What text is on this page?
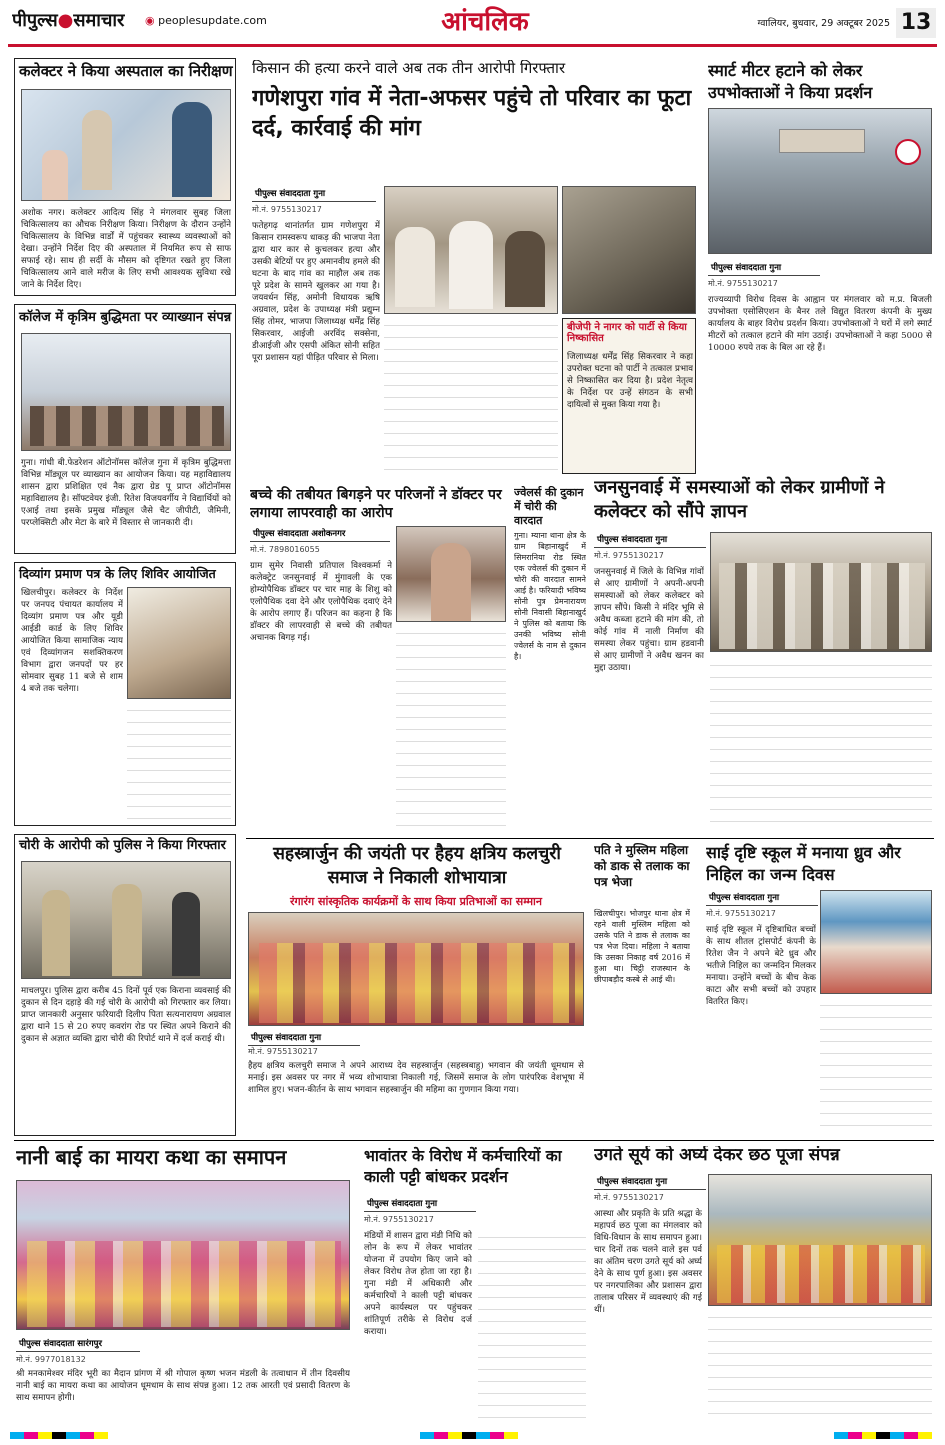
पीपुल्स●समाचार	◉ peoplesupdate.com	आंचलिक	ग्वालियर, बुधवार, 29 अक्टूबर 2025 13
कलेक्टर ने किया अस्पताल का निरीक्षण
अशोक नगर। कलेक्टर आदित्य सिंह ने मंगलवार सुबह जिला चिकित्सालय का औचक निरीक्षण किया। निरीक्षण के दौरान उन्होंने चिकित्सालय के विभिन्न वार्डों में पहुंचकर स्वास्थ्य व्यवस्थाओं को देखा। उन्होंने निर्देश दिए की अस्पताल में नियमित रूप से साफ सफाई रहे। साथ ही सर्दी के मौसम को दृष्टिगत रखते हुए जिला चिकित्सालय आने वाले मरीज के लिए सभी आवश्यक सुविधा रखे जाने के निर्देश दिए।
कॉलेज में कृत्रिम बुद्धिमता पर व्याख्यान संपन्न
गुना। गांधी बी.फेडरेशन ऑटोनॉमस कॉलेज गुना में कृत्रिम बुद्धिमत्ता विभिन्न मॉड्यूल पर व्याख्यान का आयोजन किया। यह महाविद्यालय शासन द्वारा प्रशिक्षित एवं नैक द्वारा ग्रेड पू प्राप्त ऑटोनॉमस महाविद्यालय है। सॉफ्टवेयर इंजी. रितेश विजयवर्गीय ने विद्यार्थियों को एआई तथा इसके प्रमुख मॉड्यूल जैसे चैट जीपीटी, जैमिनी, परप्लेक्सिटी और मेटा के बारे में विस्तार से जानकारी दी।
दिव्यांग प्रमाण पत्र के लिए शिविर आयोजित
खिलचीपुर। कलेक्टर के निर्देश पर जनपद पंचायत कार्यालय में दिव्यांग प्रमाण पत्र और यूडी आईडी कार्ड के लिए शिविर आयोजित किया सामाजिक न्याय एवं दिव्यांगजन सशक्तिकरण विभाग द्वारा जनपदों पर हर सोमवार सुबह 11 बजे से शाम 4 बजे तक चलेगा।
चोरी के आरोपी को पुलिस ने किया गिरफ्तार
माचलपुर। पुलिस द्वारा करीब 45 दिनों पूर्व एक किराना व्यवसाई की दुकान से दिन दहाड़े की गई चोरी के आरोपी को गिरफ्तार कर लिया। प्राप्त जानकारी अनुसार फरियादी दिलीप पिता सत्यनारायण अग्रवाल द्वारा थाने 15 से 20 रुपए कवरांग रोड पर स्थित अपने किराने की दुकान से अज्ञात व्यक्ति द्वारा चोरी की रिपोर्ट थाने में दर्ज कराई थी।
किसान की हत्या करने वाले अब तक तीन आरोपी गिरफ्तार
गणेशपुरा गांव में नेता-अफसर पहुंचे तो परिवार का फूटा दर्द, कार्रवाई की मांग
पीपुल्स संवाददाता गुना
मो.नं. 9755130217
फतेहगढ़ थानांतर्गत ग्राम गणेशपुरा में किसान रामस्वरूप धाकड़ की भाजपा नेता द्वारा थार कार से कुचलकर हत्या और उसकी बेटियों पर हुए अमानवीय हमले की घटना के बाद गांव का माहौल अब तक पूरे प्रदेश के सामने खुलकर आ गया है। जयवर्धन सिंह, अमोनी विधायक ऋषि अग्रवाल, प्रदेश के उपाध्यक्ष मंत्री प्रद्युम्न सिंह तोमर, भाजपा जिलाध्यक्ष धर्मेंद्र सिंह सिकरवार, आईजी अरविंद सक्सेना, डीआईजी और एसपी अंकित सोनी सहित पूरा प्रशासन यहां पीड़ित परिवार से मिला।
बीजेपी ने नागर को पार्टी से किया निष्कासित
जिलाध्यक्ष धर्मेंद्र सिंह सिकरवार ने कहा उपरोक्त घटना को पार्टी ने तत्काल प्रभाव से निष्कासित कर दिया है। प्रदेश नेतृत्व के निर्देश पर उन्हें संगठन के सभी दायित्वों से मुक्त किया गया है।
स्मार्ट मीटर हटाने को लेकर उपभोक्ताओं ने किया प्रदर्शन
पीपुल्स संवाददाता गुना
मो.नं. 9755130217
राज्यव्यापी विरोध दिवस के आह्वान पर मंगलवार को म.प्र. बिजली उपभोक्ता एसोसिएशन के बैनर तले विद्युत वितरण कंपनी के मुख्य कार्यालय के बाहर विरोध प्रदर्शन किया। उपभोक्ताओं ने घरों में लगे स्मार्ट मीटरों को तत्काल हटाने की मांग उठाई। उपभोक्ताओं ने कहा 5000 से 10000 रुपये तक के बिल आ रहे हैं।
बच्चे की तबीयत बिगड़ने पर परिजनों ने डॉक्टर पर लगाया लापरवाही का आरोप
पीपुल्स संवाददाता अशोकनगर
मो.नं. 7898016055
ग्राम सुमेर निवासी प्रतिपाल विश्वकर्मा ने कलेक्ट्रेट जनसुनवाई में मुंगावली के एक होम्योपैथिक डॉक्टर पर चार माह के शिशु को एलोपैथिक दवा देने और एलोपैथिक दवाएं देने के आरोप लगाए हैं। परिजन का कहना है कि डॉक्टर की लापरवाही से बच्चे की तबीयत अचानक बिगड़ गई।
ज्वेलर्स की दुकान में चोरी की वारदात
गुना। म्याना थाना क्षेत्र के ग्राम बिहानाखुर्द में सिमरानिया रोड स्थित एक ज्वेलर्स की दुकान में चोरी की वारदात सामने आई है। फरियादी भविष्य सोनी पुत्र प्रेमनारायण सोनी निवासी बिहानाखुर्द ने पुलिस को बताया कि उनकी भविष्य सोनी ज्वेलर्स के नाम से दुकान है।
जनसुनवाई में समस्याओं को लेकर ग्रामीणों ने कलेक्टर को सौंपे ज्ञापन
पीपुल्स संवाददाता गुना
मो.नं. 9755130217
जनसुनवाई में जिले के विभिन्न गांवों से आए ग्रामीणों ने अपनी-अपनी समस्याओं को लेकर कलेक्टर को ज्ञापन सौंपे। किसी ने मंदिर भूमि से अवैध कब्जा हटाने की मांग की, तो कोई गांव में नाली निर्माण की समस्या लेकर पहुंचा। ग्राम हडवानी से आए ग्रामीणों ने अवैध खनन का मुद्दा उठाया।
सहस्त्रार्जुन की जयंती पर हैहय क्षत्रिय कलचुरी समाज ने निकाली शोभायात्रा
रंगारंग सांस्कृतिक कार्यक्रमों के साथ किया प्रतिभाओं का सम्मान
पीपुल्स संवाददाता गुना
मो.नं. 9755130217
हैहय क्षत्रिय कलचुरी समाज ने अपने आराध्य देव सहस्त्रार्जुन (सहस्त्रबाहु) भगवान की जयंती धूमधाम से मनाई। इस अवसर पर नगर में भव्य शोभायात्रा निकाली गई, जिसमें समाज के लोग पारंपरिक वेशभूषा में शामिल हुए। भजन-कीर्तन के साथ भगवान सहस्त्रार्जुन की महिमा का गुणगान किया गया।
पति ने मुस्लिम महिला को डाक से तलाक का पत्र भेजा
खिलचीपुर। भोजपुर थाना क्षेत्र में रहने वाली मुस्लिम महिला को उसके पति ने डाक से तलाक का पत्र भेज दिया। महिला ने बताया कि उसका निकाह वर्ष 2016 में हुआ था। चिट्ठी राजस्थान के छीपाबड़ौद कस्बे से आई थी।
साई दृष्टि स्कूल में मनाया ध्रुव और निहिल का जन्म दिवस
पीपुल्स संवाददाता गुना
मो.नं. 9755130217
साई दृष्टि स्कूल में दृष्टिबाधित बच्चों के साथ शीतल ट्रांसपोर्ट कंपनी के रितेश जैन ने अपने बेटे ध्रुव और भतीजे निहिल का जन्मदिन मिलकर मनाया। उन्होंने बच्चों के बीच केक काटा और सभी बच्चों को उपहार वितरित किए।
नानी बाई का मायरा कथा का समापन
पीपुल्स संवाददाता सारंगपुर
मो.नं. 9977018132
श्री मनकामेश्वर मंदिर भूरी का मैदान प्रांगण में श्री गोपाल कृष्ण भजन मंडली के तत्वाधान में तीन दिवसीय नानी बाई का मायरा कथा का आयोजन धूमधाम के साथ संपन्न हुआ। 12 तक आरती एवं प्रसादी वितरण के साथ समापन होगी।
भावांतर के विरोध में कर्मचारियों का काली पट्टी बांधकर प्रदर्शन
पीपुल्स संवाददाता गुना
मो.नं. 9755130217
मंडियों में शासन द्वारा मंडी निधि को लोन के रूप में लेकर भावांतर योजना में उपयोग किए जाने को लेकर विरोध तेज होता जा रहा है। गुना मंडी में अधिकारी और कर्मचारियों ने काली पट्टी बांधकर अपने कार्यस्थल पर पहुंचकर शांतिपूर्ण तरीके से विरोध दर्ज कराया।
उगते सूर्य को अर्घ्य देकर छठ पूजा संपन्न
पीपुल्स संवाददाता गुना
मो.नं. 9755130217
आस्था और प्रकृति के प्रति श्रद्धा के महापर्व छठ पूजा का मंगलवार को विधि-विधान के साथ समापन हुआ। चार दिनों तक चलने वाले इस पर्व का अंतिम चरण उगते सूर्य को अर्घ्य देने के साथ पूर्ण हुआ। इस अवसर पर नगरपालिका और प्रशासन द्वारा तालाब परिसर में व्यवस्थाएं की गई थीं।
